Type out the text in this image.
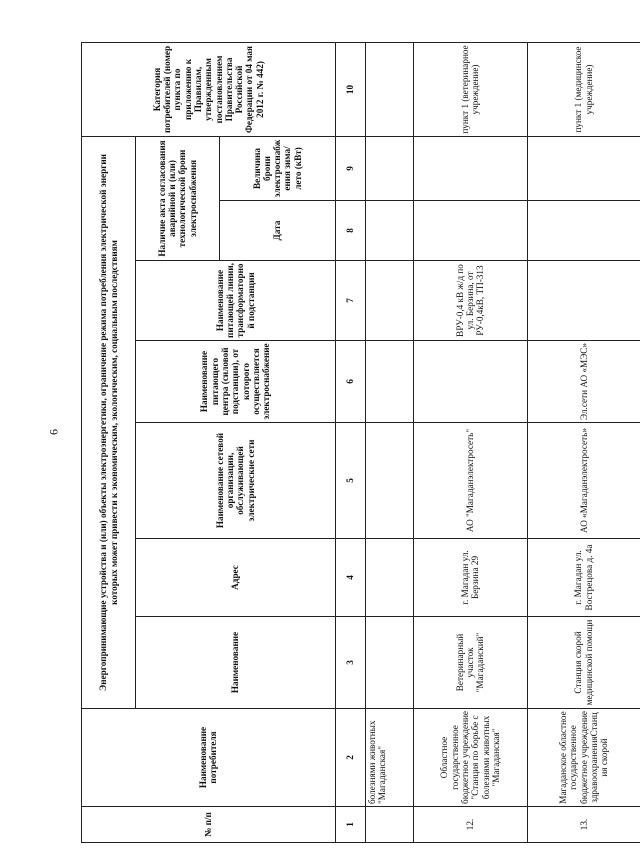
6
№ п/п	Наименование потребителя	Энергопринимающие устройства и (или) объекты электроэнергетики, ограничение режима потребления электрической энергии которых может привести к экономическим, экологическим, социальным последствиям							Категория потребителей (номер пункта по приложению к Правилам, утвержденным постановлением Правительства Российской Федерации от 04 мая 2012 г. № 442)
		Наименование	Адрес	Наименование сетевой организации, обслуживающей электрические сети	Наименование питающего центра (силовой подстанции), от которого осуществляется электроснабжение	Наименование питающей линии, трансформаторной подстанции	Наличие акта согласования аварийной и (или) технологической брони электроснабжения		
							Дата	Величина брони электроснабжения зима/лето (кВт)	
1	2	3	4	5	6	7	8	9	10
	болезнями животных "Магаданская"								
12.	Областное государственное бюджетное учреждение "Станция по борьбе с болезнями животных "Магаданская"	Ветеринарный участок "Магаданский"	г. Магадан ул. Берзина 29	АО "Магаданэлектросеть"		ВРУ-0,4 кВ ж/д по ул. Берзина, от РУ-0,4кВ, ТП-313			пункт 1 (ветеринарное учреждение)
13.	Магаданское областное государственное бюджетное учреждение здравоохраненияСтанция скорой	Станция скорой медицинской помощи	г. Магадан ул. Вострецова д. 4а	АО «Магаданэлектросеть»	Эл.сети АО «МЭС»				пункт 1 (медицинское учреждение)
